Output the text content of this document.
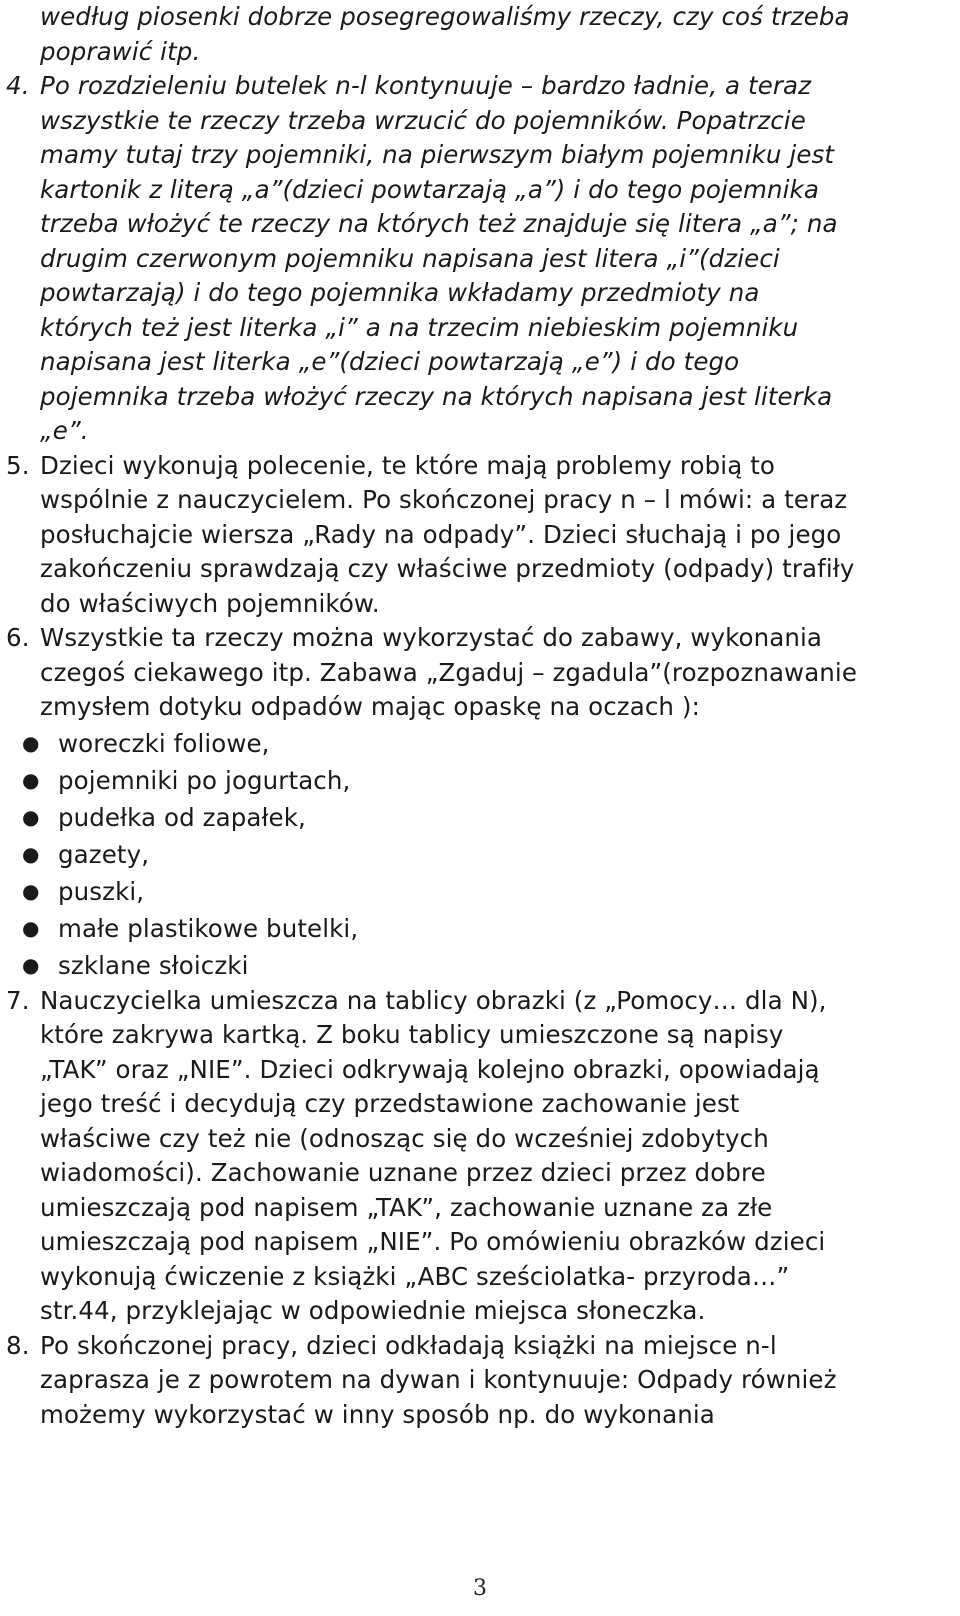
według piosenki dobrze posegregowaliśmy rzeczy, czy coś trzeba
poprawić itp.
4. Po rozdzieleniu butelek n-l kontynuuje – bardzo ładnie, a teraz
wszystkie te rzeczy trzeba wrzucić do pojemników. Popatrzcie
mamy tutaj trzy pojemniki, na pierwszym białym pojemniku jest
kartonik z literą „a”(dzieci powtarzają „a”) i do tego pojemnika
trzeba włożyć te rzeczy na których też znajduje się litera „a”; na
drugim czerwonym pojemniku napisana jest litera „i”(dzieci
powtarzają) i do tego pojemnika wkładamy przedmioty na
których też jest literka „i” a na trzecim niebieskim pojemniku
napisana jest literka „e”(dzieci powtarzają „e”) i do tego
pojemnika trzeba włożyć rzeczy na których napisana jest literka
„e”.
5. Dzieci wykonują polecenie, te które mają problemy robią to
wspólnie z nauczycielem. Po skończonej pracy n – l mówi: a teraz
posłuchajcie wiersza „Rady na odpady”. Dzieci słuchają i po jego
zakończeniu sprawdzają czy właściwe przedmioty (odpady) trafiły
do właściwych pojemników.
6. Wszystkie ta rzeczy można wykorzystać do zabawy, wykonania
czegoś ciekawego itp. Zabawa „Zgaduj – zgadula”(rozpoznawanie
zmysłem dotyku odpadów mając opaskę na oczach ):
● woreczki foliowe,
● pojemniki po jogurtach,
● pudełka od zapałek,
● gazety,
● puszki,
● małe plastikowe butelki,
● szklane słoiczki
7. Nauczycielka umieszcza na tablicy obrazki (z „Pomocy… dla N),
które zakrywa kartką. Z boku tablicy umieszczone są napisy
„TAK” oraz „NIE”. Dzieci odkrywają kolejno obrazki, opowiadają
jego treść i decydują czy przedstawione zachowanie jest
właściwe czy też nie (odnosząc się do wcześniej zdobytych
wiadomości). Zachowanie uznane przez dzieci przez dobre
umieszczają pod napisem „TAK”, zachowanie uznane za złe
umieszczają pod napisem „NIE”. Po omówieniu obrazków dzieci
wykonują ćwiczenie z książki „ABC sześciolatka- przyroda…”
str.44, przyklejając w odpowiednie miejsca słoneczka.
8. Po skończonej pracy, dzieci odkładają książki na miejsce n-l
zaprasza je z powrotem na dywan i kontynuuje: Odpady również
możemy wykorzystać w inny sposób np. do wykonania
3
